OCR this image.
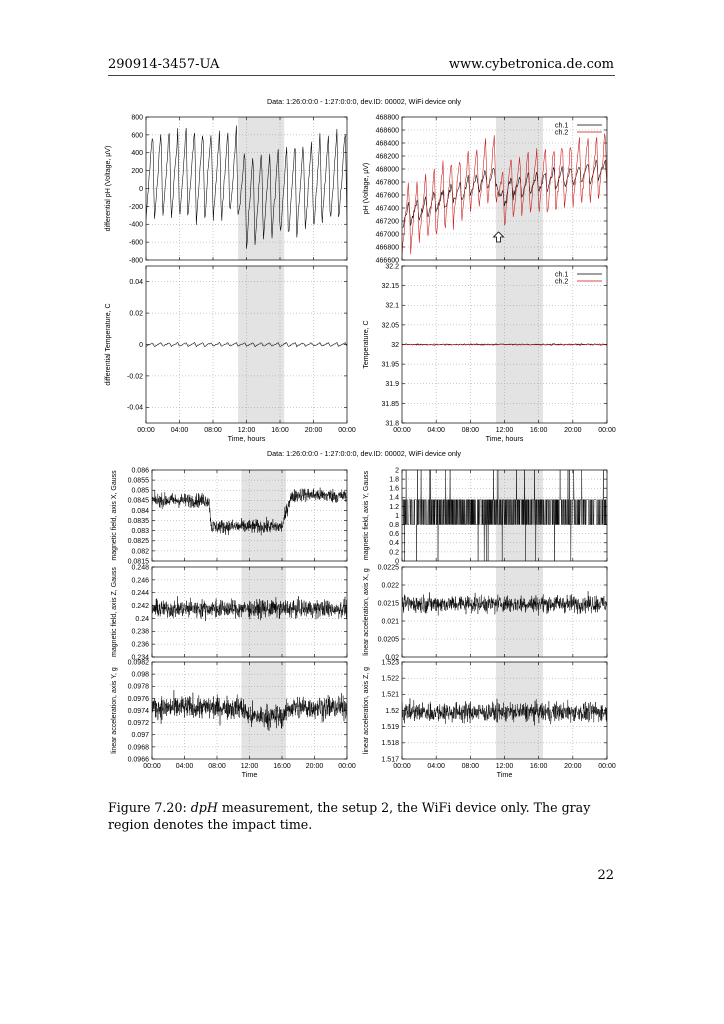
290914-3457-UA	www.cybetronica.de.com
Data: 1:26:0:0:0 - 1:27:0:0:0, dev.ID: 00002, WiFi device only
Data: 1:26:0:0:0 - 1:27:0:0:0, dev.ID: 00002, WiFi device only
800
600
400
200
0
-200
-400
-600
-800
differential pH (Voltage, µV)
468800
468600
468400
468200
468000
467800
467600
467400
467200
467000
466800
466600
pH (Voltage, µV)
ch.1
ch.2
0.04
0.02
0
-0.02
-0.04
00:00 04:00 08:00 12:00 16:00 20:00 00:00
Time, hours
differential Temperature, C
32.2
32.15
32.1
32.05
32
31.95
31.9
31.85
31.8
00:00 04:00 08:00 12:00 16:00 20:00 00:00
Time, hours
Temperature, C
ch.1
ch.2
0.086
0.0855
0.085
0.0845
0.084
0.0835
0.083
0.0825
0.082
0.0815
magnetic field, axis X, Gauss	2
1.8
1.6
1.4
1.2
1
0.8
0.6
0.4
0.2
0
magnetic field, axis Y, Gauss
0.248
0.246
0.244
0.242
0.24
0.238
0.236
0.234
magnetic field, axis Z, Gauss	0.0225
0.022
0.0215
0.021
0.0205
0.02
linear acceleration, axis X, g
0.0982
0.098
0.0978
0.0976
0.0974
0.0972
0.097
0.0968
0.0966
00:00 04:00 08:00 12:00 16:00 20:00 00:00
Time
linear acceleration, axis Y, g
1.523
1.522
1.521
1.52
1.519
1.518
1.517
00:00 04:00 08:00 12:00 16:00 20:00 00:00
Time
linear acceleration, axis Z, g
Figure 7.20: dpH measurement, the setup 2, the WiFi device only. The gray region denotes the impact time.
22
